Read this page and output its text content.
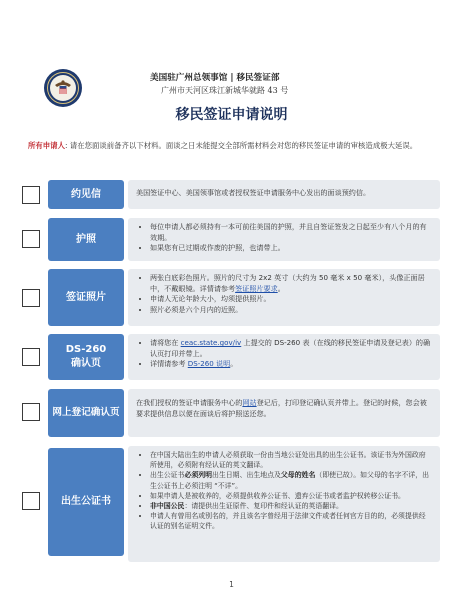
美国驻广州总领事馆 | 移民签证部
广州市天河区珠江新城华就路 43 号
移民签证申请说明
所有申请人: 请在您面谈前备齐以下材料。面谈之日未能提交全部所需材料会对您的移民签证申请的审核造成极大延误。
约见信	美国签证中心、美国领事馆或者授权签证申请服务中心发出的面谈预约信。
护照
• 每位申请人都必须持有一本可前往美国的护照，并且自签证签发之日起至少有八个月的有效期。
• 如果您有已过期或作废的护照，也请带上。
签证照片
• 两张白底彩色照片。照片的尺寸为 2x2 英寸（大约为 50 毫米 x 50 毫米），头像正面居中，不戴眼镜。详情请参考签证照片要求。
• 申请人无论年龄大小，均须提供照片。
• 照片必须是六个月内的近照。
DS-260
确认页
• 请将您在 ceac.state.gov/iv 上提交的 DS-260 表（在线的移民签证申请及登记表）的确认页打印并带上。
• 详情请参考 DS-260 说明。
网上登记确认页
在我们授权的签证申请服务中心的网站登记后，打印登记确认页并带上。登记的时候，您会被要求提供信息以便在面谈后将护照送还您。
出生公证书
• 在中国大陆出生的申请人必须获取一份由当地公证处出具的出生公证书。该证书为外国政府所使用，必须附有经认证的英文翻译。
• 出生公证书必须列明出生日期、出生地点及父母的姓名（即使已故）。如父母的名字不详，出生公证书上必须注明 “不详”。
• 如果申请人是被收养的，必须提供收养公证书、遗弃公证书或者监护权转移公证书。
• 非中国公民：请提供出生证原件、复印件和经认证的英语翻译。
• 申请人有曾用名或别名的，并且该名字曾经用于法律文件或者任何官方目的的，必须提供经认证的别名证明文件。
1
